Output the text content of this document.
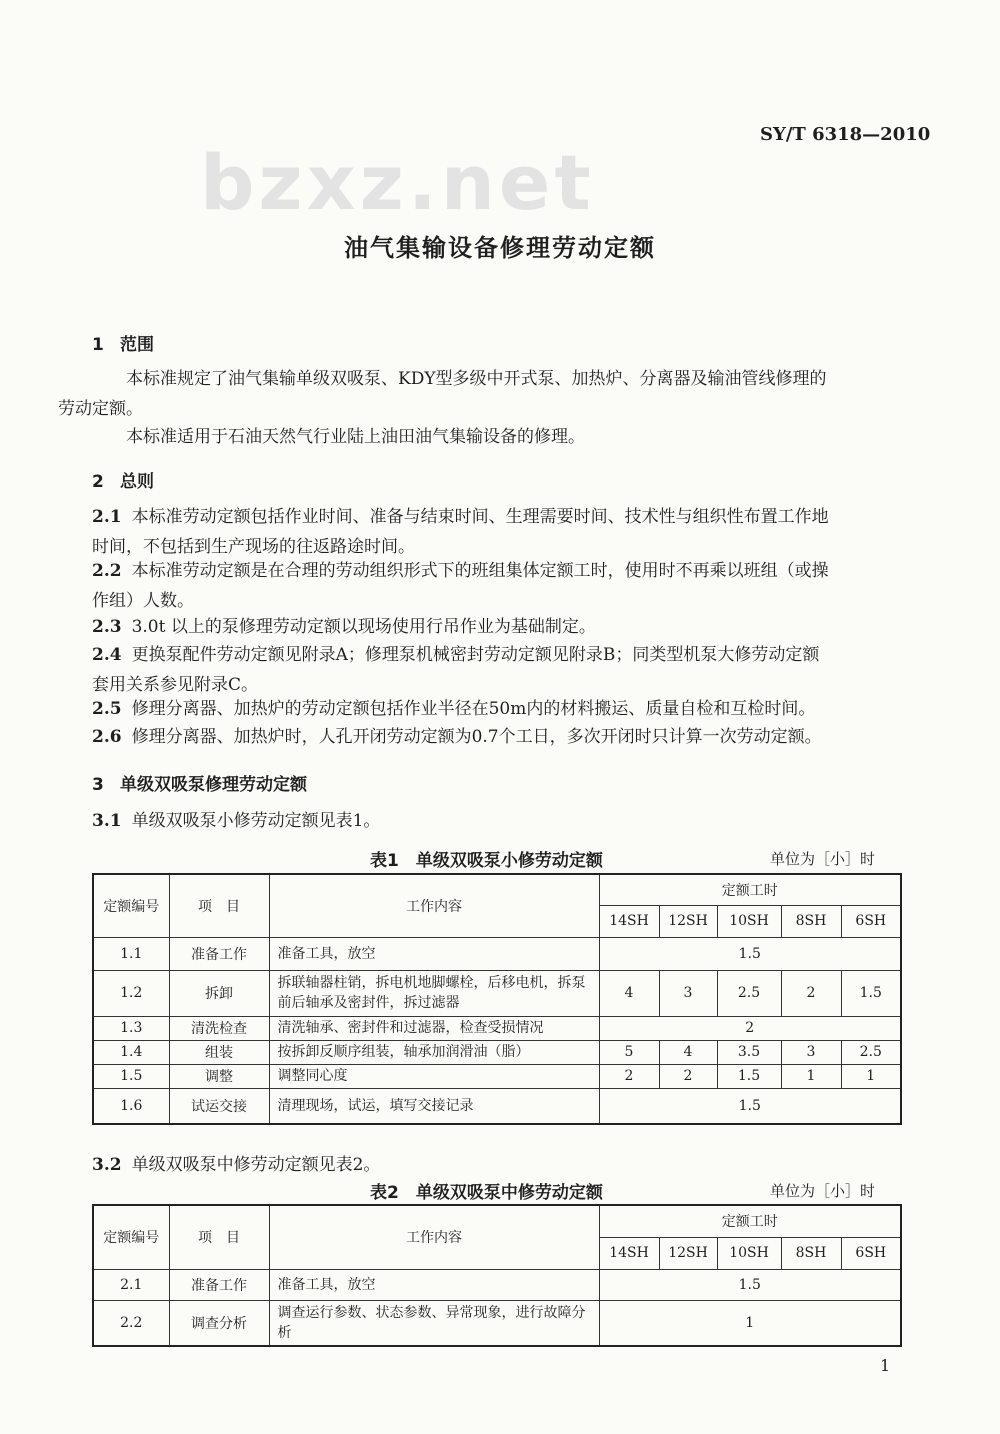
bzxz.net
SY/T 6318—2010
油气集输设备修理劳动定额
1 范围
本标准规定了油气集输单级双吸泵、KDY型多级中开式泵、加热炉、分离器及输油管线修理的
劳动定额。
本标准适用于石油天然气行业陆上油田油气集输设备的修理。
2 总则
2.1 本标准劳动定额包括作业时间、准备与结束时间、生理需要时间、技术性与组织性布置工作地
时间，不包括到生产现场的往返路途时间。
2.2 本标准劳动定额是在合理的劳动组织形式下的班组集体定额工时，使用时不再乘以班组（或操
作组）人数。
2.3 3.0t 以上的泵修理劳动定额以现场使用行吊作业为基础制定。
2.4 更换泵配件劳动定额见附录A；修理泵机械密封劳动定额见附录B；同类型机泵大修劳动定额
套用关系参见附录C。
2.5 修理分离器、加热炉的劳动定额包括作业半径在50m内的材料搬运、质量自检和互检时间。
2.6 修理分离器、加热炉时，人孔开闭劳动定额为0.7个工日，多次开闭时只计算一次劳动定额。
3 单级双吸泵修理劳动定额
3.1 单级双吸泵小修劳动定额见表1。
表1　单级双吸泵小修劳动定额	单位为［小］时
定额编号	项　目	工作内容	定额工时				
			14SH	12SH	10SH	8SH	6SH
1.1	准备工作	准备工具，放空	1.5				
1.2	拆卸	拆联轴器柱销，拆电机地脚螺栓，后移电机，拆泵前后轴承及密封件，拆过滤器	4	3	2.5	2	1.5
1.3	清洗检查	清洗轴承、密封件和过滤器，检查受损情况	2				
1.4	组装	按拆卸反顺序组装，轴承加润滑油（脂）	5	4	3.5	3	2.5
1.5	调整	调整同心度	2	2	1.5	1	1
1.6	试运交接	清理现场，试运，填写交接记录	1.5				
3.2 单级双吸泵中修劳动定额见表2。
表2　单级双吸泵中修劳动定额	单位为［小］时
定额编号	项　目	工作内容	定额工时				
			14SH	12SH	10SH	8SH	6SH
2.1	准备工作	准备工具，放空	1.5				
2.2	调查分析	调查运行参数、状态参数、异常现象，进行故障分析	1				
1
